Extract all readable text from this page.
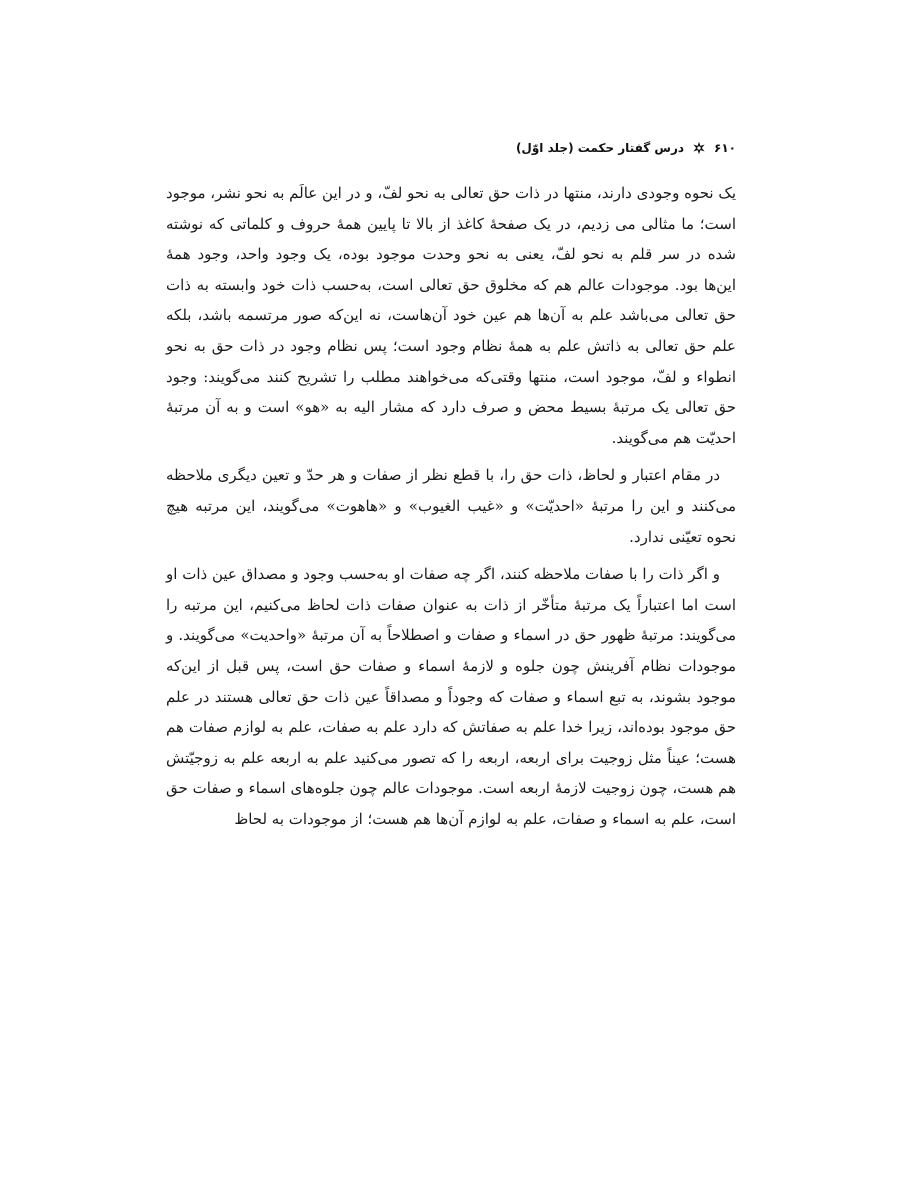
۶۱۰
درس گفتار حکمت (جلد اوّل)

یک نحوه وجودی دارند، منتها در ذات حق تعالی به نحو لفّ، و در این عالَم به نحو نشر، موجود است؛ ما مثالی می زدیم، در یک صفحهٔ کاغذ از بالا تا پایین همهٔ حروف و کلماتی که نوشته شده در سر قلم به نحو لفّ، یعنی به نحو وحدت موجود بوده، یک وجود واحد، وجود همهٔ این‌ها بود. موجودات عالم هم که مخلوق حق تعالی است، به‌حسب ذات خود وابسته به ذات حق تعالی می‌باشد علم به آن‌ها هم عین خود آن‌هاست، نه این‌که صور مرتسمه باشد، بلکه علم حق تعالی به ذاتش علم به همهٔ نظام وجود است؛ پس نظام وجود در ذات حق به نحو انطواء و لفّ، موجود است، منتها وقتی‌که می‌خواهند مطلب را تشریح کنند می‌گویند: وجود حق تعالی یک مرتبهٔ بسیط محض و صرف دارد که مشار الیه به «هو» است و به آن مرتبهٔ احدیّت هم می‌گویند.

در مقام اعتبار و لحاظ، ذات حق را، با قطع نظر از صفات و هر حدّ و تعین دیگری ملاحظه می‌کنند و این را مرتبهٔ «احدیّت» و «غیب الغیوب» و «هاهوت» می‌گویند، این مرتبه هیچ نحوه تعیّنی ندارد.

و اگر ذات را با صفات ملاحظه کنند، اگر چه صفات او به‌حسب وجود و مصداق عین ذات او است اما اعتباراً یک مرتبهٔ متأخّر از ذات به عنوان صفات ذات لحاظ می‌کنیم، این مرتبه را می‌گویند: مرتبهٔ ظهور حق در اسماء و صفات و اصطلاحاً به آن مرتبهٔ «واحدیت» می‌گویند. و موجودات نظام آفرینش چون جلوه و لازمهٔ اسماء و صفات حق است، پس قبل از این‌که موجود بشوند، به تبع اسماء و صفات که وجوداً و مصداقاً عین ذات حق تعالی هستند در علم حق موجود بوده‌اند، زیرا خدا علم به صفاتش که دارد علم به صفات، علم به لوازم صفات هم هست؛ عیناً مثل زوجیت برای اربعه، اربعه را که تصور می‌کنید علم به اربعه علم به زوجیّتش هم هست، چون زوجیت لازمهٔ اربعه است. موجودات عالم چون جلوه‌های اسماء و صفات حق است، علم به اسماء و صفات، علم به لوازم آن‌ها هم هست؛ از موجودات به لحاظ
